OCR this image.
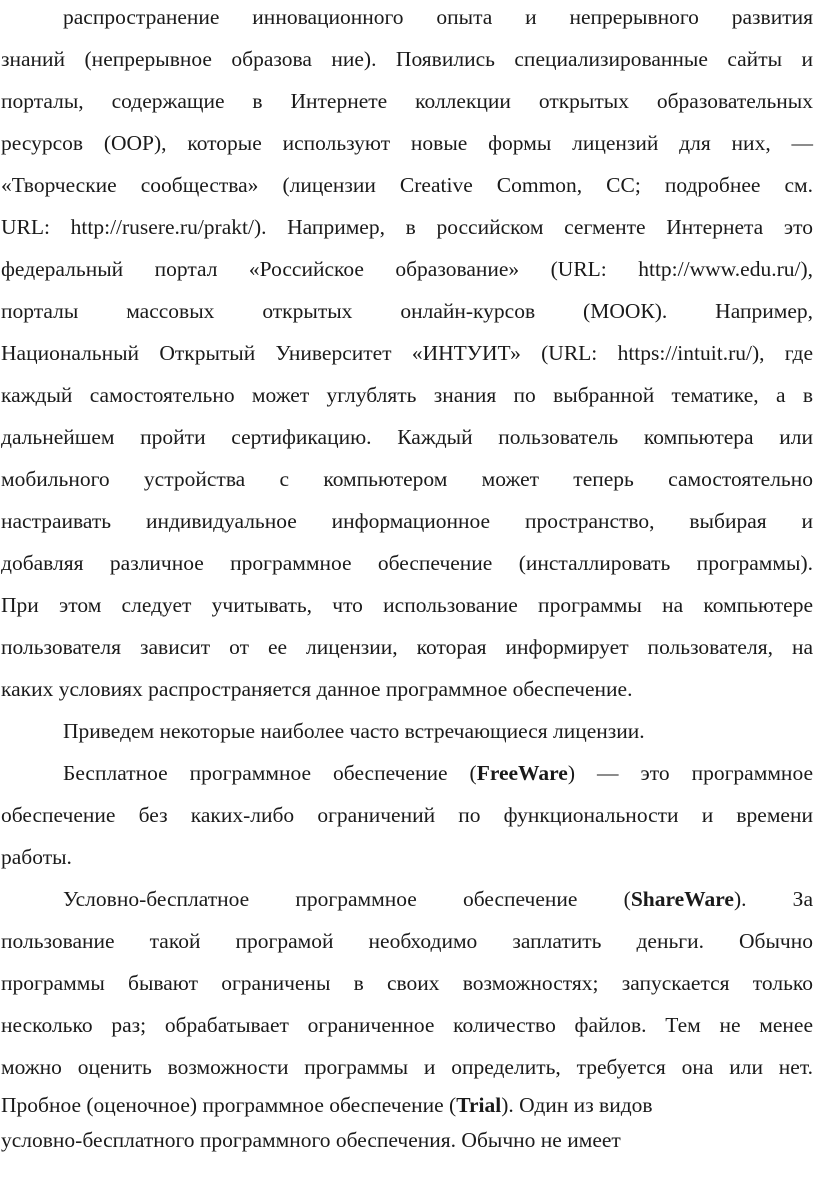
распространение инновационного опыта и непрерывного развития
знаний (непрерывное образова ние). Появились специализированные сайты и
порталы, содержащие в Интернете коллекции открытых образовательных
ресурсов (ООР), которые используют новые формы лицензий для них, —
«Творческие сообщества» (лицензии Creative Common, CC; подробнее см.
URL: http://rusere.ru/prakt/). Например, в российском сегменте Интернета это
федеральный портал «Российское образование» (URL: http://www.edu.ru/),
порталы массовых открытых онлайн-курсов (МООК). Например,
Национальный Открытый Университет «ИНТУИТ» (URL: https://intuit.ru/), где
каждый самостоятельно может углублять знания по выбранной тематике, а в
дальнейшем пройти сертификацию. Каждый пользователь компьютера или
мобильного устройства с компьютером может теперь самостоятельно
настраивать индивидуальное информационное пространство, выбирая и
добавляя различное программное обеспечение (инсталлировать программы).
При этом следует учитывать, что использование программы на компьютере
пользователя зависит от ее лицензии, которая информирует пользователя, на
каких условиях распространяется данное программное обеспечение.
Приведем некоторые наиболее часто встречающиеся лицензии.
Бесплатное программное обеспечение (FreeWare) — это программное
обеспечение без каких-либо ограничений по функциональности и времени
работы.
Условно-бесплатное программное обеспечение (ShareWare). За
пользование такой програмой необходимо заплатить деньги. Обычно
программы бывают ограничены в своих возможностях; запускается только
несколько раз; обрабатывает ограниченное количество файлов. Тем не менее
можно оценить возможности программы и определить, требуется она или нет.
Пробное (оценочное) программное обеспечение (Trial). Один из видов
условно-бесплатного программного обеспечения. Обычно не имеет
